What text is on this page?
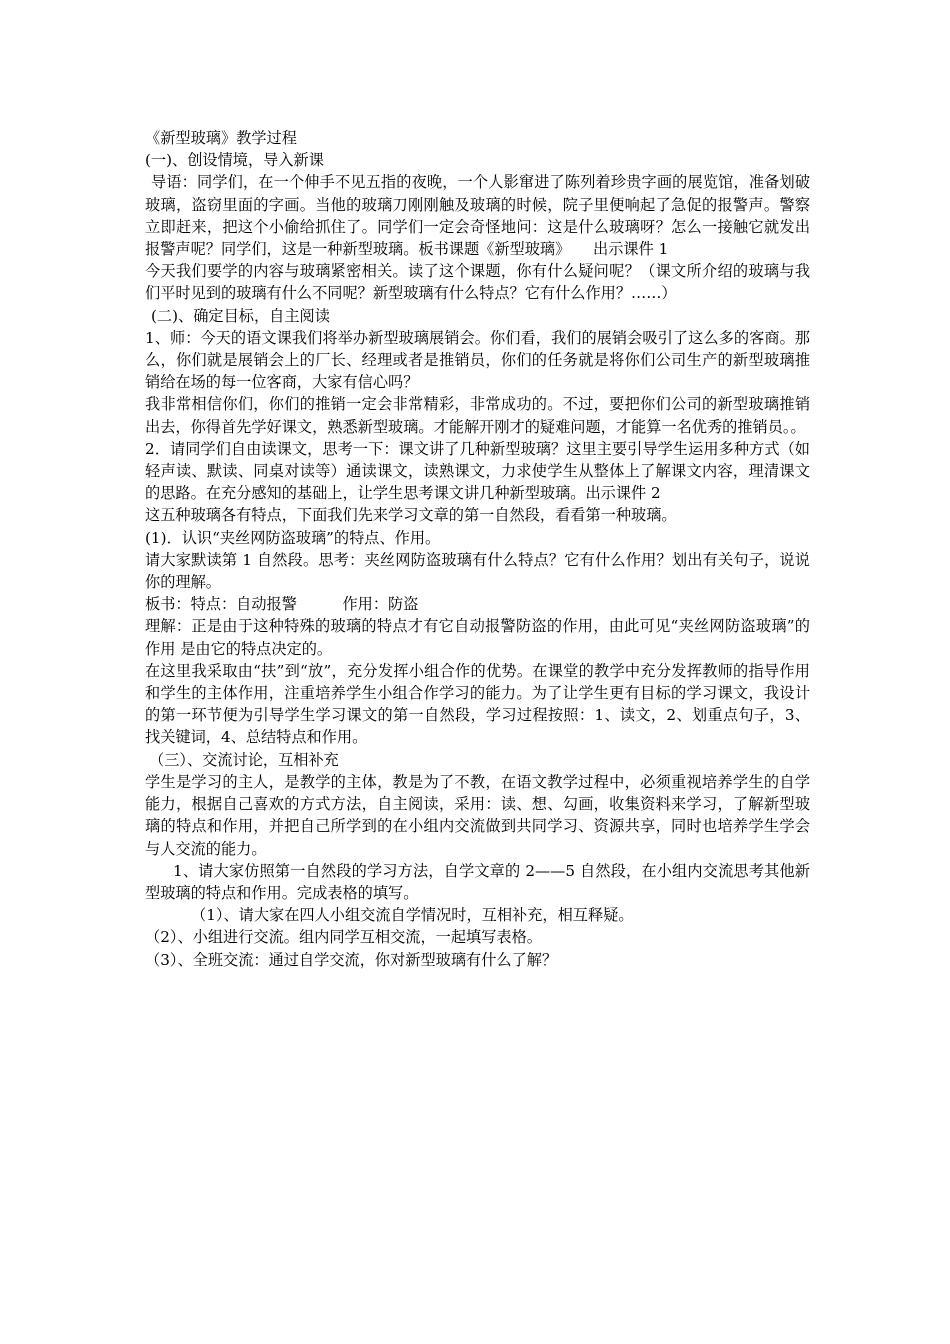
《新型玻璃》教学过程

(一)、创设情境，导入新课

导语：同学们，在一个伸手不见五指的夜晚，一个人影窜进了陈列着珍贵字画的展览馆，准备划破玻璃，盗窃里面的字画。当他的玻璃刀刚刚触及玻璃的时候，院子里便响起了急促的报警声。警察立即赶来，把这个小偷给抓住了。同学们一定会奇怪地问：这是什么玻璃呀？怎么一接触它就发出报警声呢？同学们，这是一种新型玻璃。板书课题《新型玻璃》　　出示课件 1

今天我们要学的内容与玻璃紧密相关。读了这个课题，你有什么疑问呢？（课文所介绍的玻璃与我们平时见到的玻璃有什么不同呢？新型玻璃有什么特点？它有什么作用？……）

(二)、确定目标，自主阅读

1、师：今天的语文课我们将举办新型玻璃展销会。你们看，我们的展销会吸引了这么多的客商。那么，你们就是展销会上的厂长、经理或者是推销员，你们的任务就是将你们公司生产的新型玻璃推销给在场的每一位客商，大家有信心吗？

我非常相信你们，你们的推销一定会非常精彩，非常成功的。不过，要把你们公司的新型玻璃推销出去，你得首先学好课文，熟悉新型玻璃。才能解开刚才的疑难问题，才能算一名优秀的推销员。。

2．请同学们自由读课文，思考一下：课文讲了几种新型玻璃？这里主要引导学生运用多种方式（如轻声读、默读、同桌对读等）通读课文，读熟课文，力求使学生从整体上了解课文内容，理清课文的思路。在充分感知的基础上，让学生思考课文讲几种新型玻璃。出示课件 2

这五种玻璃各有特点，下面我们先来学习文章的第一自然段，看看第一种玻璃。

(1)．认识“夹丝网防盗玻璃”的特点、作用。

请大家默读第 1 自然段。思考：夹丝网防盗玻璃有什么特点？它有什么作用？划出有关句子，说说你的理解。

板书：特点：自动报警　　　作用：防盗

理解：正是由于这种特殊的玻璃的特点才有它自动报警防盗的作用，由此可见“夹丝网防盗玻璃”的作用 是由它的特点决定的。

在这里我采取由“扶”到“放”，充分发挥小组合作的优势。在课堂的教学中充分发挥教师的指导作用和学生的主体作用，注重培养学生小组合作学习的能力。为了让学生更有目标的学习课文，我设计的第一环节便为引导学生学习课文的第一自然段，学习过程按照：1、读文，2、划重点句子，3、找关键词，4、总结特点和作用。

（三）、交流讨论，互相补充

学生是学习的主人，是教学的主体，教是为了不教，在语文教学过程中，必须重视培养学生的自学能力，根据自己喜欢的方式方法，自主阅读，采用：读、想、勾画，收集资料来学习，了解新型玻璃的特点和作用，并把自己所学到的在小组内交流做到共同学习、资源共享，同时也培养学生学会与人交流的能力。

1、请大家仿照第一自然段的学习方法，自学文章的 2——5 自然段，在小组内交流思考其他新型玻璃的特点和作用。完成表格的填写。

（1）、请大家在四人小组交流自学情况时，互相补充，相互释疑。

（2）、小组进行交流。组内同学互相交流，一起填写表格。

（3）、全班交流：通过自学交流，你对新型玻璃有什么了解？
